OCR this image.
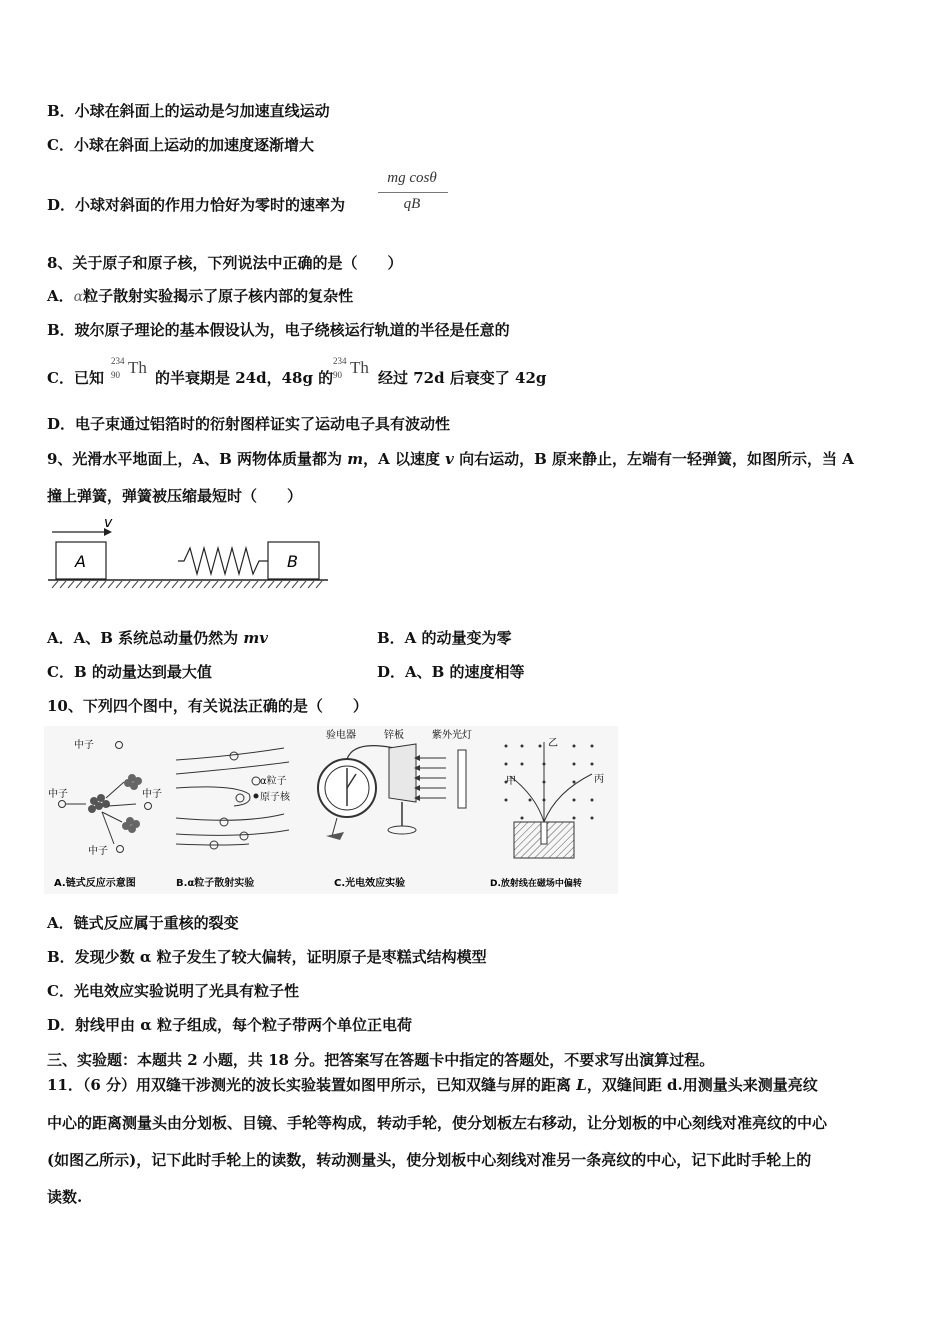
B．小球在斜面上的运动是匀加速直线运动
C．小球在斜面上运动的加速度逐渐增大
D．小球对斜面的作用力恰好为零时的速率为
mg cosθ
qB
8、关于原子和原子核，下列说法中正确的是（　　）
A．α粒子散射实验揭示了原子核内部的复杂性
B．玻尔原子理论的基本假设认为，电子绕核运行轨道的半径是任意的
C．已知
234
90 Th
的半衰期是 24d，48g 的
234
90 Th
经过 72d 后衰变了 42g
D．电子束通过铝箔时的衍射图样证实了运动电子具有波动性
9、光滑水平地面上，A、B 两物体质量都为 m，A 以速度 v 向右运动，B 原来静止，左端有一轻弹簧，如图所示，当 A
撞上弹簧，弹簧被压缩最短时（　　）
v
A	B
A．A、B 系统总动量仍然为 mv	B．A 的动量变为零
C．B 的动量达到最大值	D．A、B 的速度相等
10、下列四个图中，有关说法正确的是（　　）
中子
中子	中子
中子
A.链式反应示意图
α粒子
原子核
B.α粒子散射实验
验电器	锌板	紫外光灯
C.光电效应实验
甲
乙
丙
D.放射线在磁场中偏转
A．链式反应属于重核的裂变
B．发现少数 α 粒子发生了较大偏转，证明原子是枣糕式结构模型
C．光电效应实验说明了光具有粒子性
D．射线甲由 α 粒子组成，每个粒子带两个单位正电荷
三、实验题：本题共 2 小题，共 18 分。把答案写在答题卡中指定的答题处，不要求写出演算过程。
11．（6 分）用双缝干涉测光的波长实验装置如图甲所示，已知双缝与屏的距离 L，双缝间距 d.用测量头来测量亮纹
中心的距离测量头由分划板、目镜、手轮等构成，转动手轮，使分划板左右移动，让分划板的中心刻线对准亮纹的中心
(如图乙所示)，记下此时手轮上的读数，转动测量头，使分划板中心刻线对准另一条亮纹的中心，记下此时手轮上的
读数.
